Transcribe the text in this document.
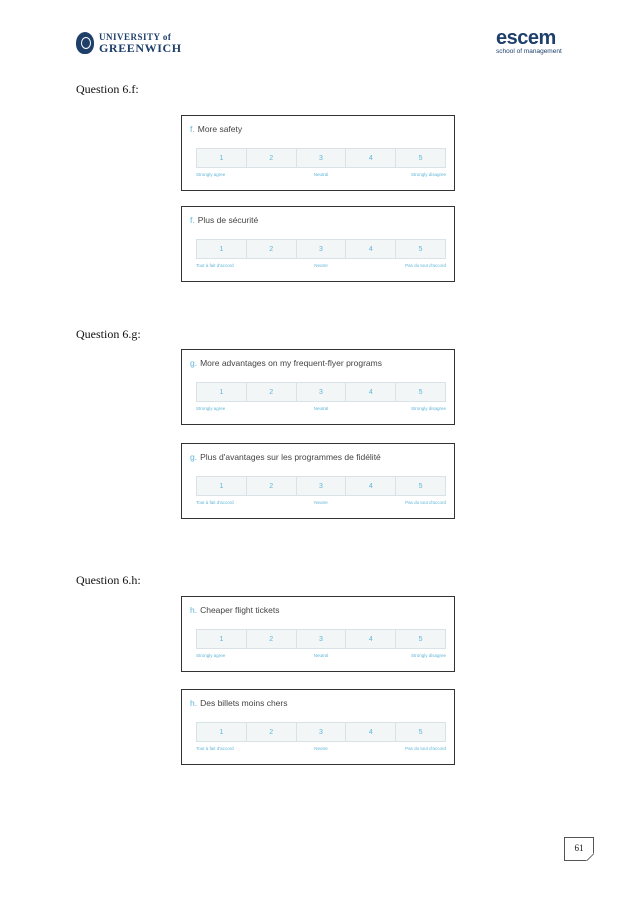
UNIVERSITY of
GREENWICH	escem
school of management
Question 6.f:
f. More safety
1	2	3	4	5
Strongly agree	Neutral	Strongly disagree
f. Plus de sécurité
1	2	3	4	5
Tout à fait d'accord	Neutre	Pas du tout d'accord
Question 6.g:
g. More advantages on my frequent-flyer programs
1	2	3	4	5
Strongly agree	Neutral	Strongly disagree
g. Plus d'avantages sur les programmes de fidélité
1	2	3	4	5
Tout à fait d'accord	Neutre	Pas du tout d'accord
Question 6.h:
h. Cheaper flight tickets
1	2	3	4	5
Strongly agree	Neutral	Strongly disagree
h. Des billets moins chers
1	2	3	4	5
Tout à fait d'accord	Neutre	Pas du tout d'accord
61
